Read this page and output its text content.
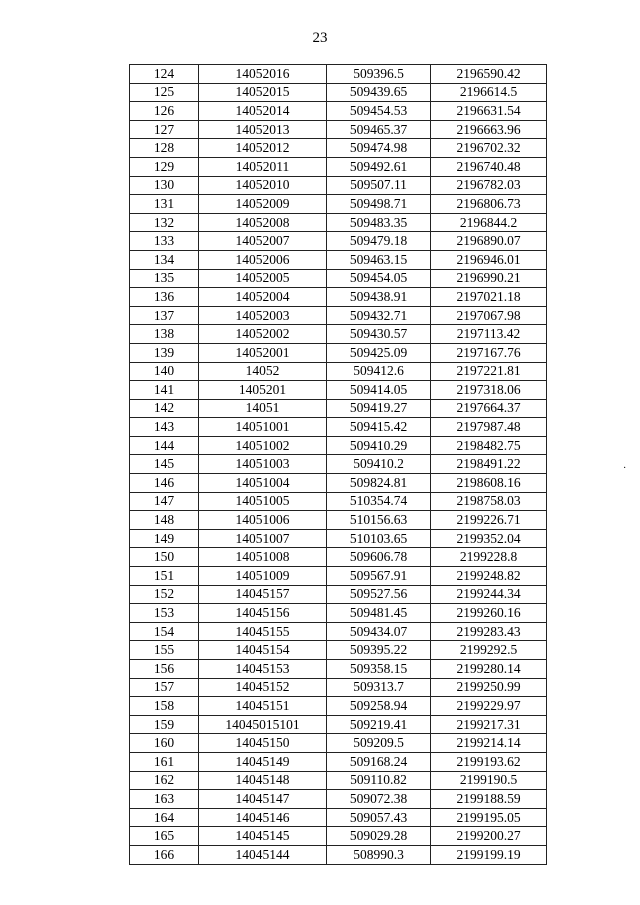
23
124	14052016	509396.5	2196590.42
125	14052015	509439.65	2196614.5
126	14052014	509454.53	2196631.54
127	14052013	509465.37	2196663.96
128	14052012	509474.98	2196702.32
129	14052011	509492.61	2196740.48
130	14052010	509507.11	2196782.03
131	14052009	509498.71	2196806.73
132	14052008	509483.35	2196844.2
133	14052007	509479.18	2196890.07
134	14052006	509463.15	2196946.01
135	14052005	509454.05	2196990.21
136	14052004	509438.91	2197021.18
137	14052003	509432.71	2197067.98
138	14052002	509430.57	2197113.42
139	14052001	509425.09	2197167.76
140	14052	509412.6	2197221.81
141	1405201	509414.05	2197318.06
142	14051	509419.27	2197664.37
143	14051001	509415.42	2197987.48
144	14051002	509410.29	2198482.75
145	14051003	509410.2	2198491.22
146	14051004	509824.81	2198608.16
147	14051005	510354.74	2198758.03
148	14051006	510156.63	2199226.71
149	14051007	510103.65	2199352.04
150	14051008	509606.78	2199228.8
151	14051009	509567.91	2199248.82
152	14045157	509527.56	2199244.34
153	14045156	509481.45	2199260.16
154	14045155	509434.07	2199283.43
155	14045154	509395.22	2199292.5
156	14045153	509358.15	2199280.14
157	14045152	509313.7	2199250.99
158	14045151	509258.94	2199229.97
159	14045015101	509219.41	2199217.31
160	14045150	509209.5	2199214.14
161	14045149	509168.24	2199193.62
162	14045148	509110.82	2199190.5
163	14045147	509072.38	2199188.59
164	14045146	509057.43	2199195.05
165	14045145	509029.28	2199200.27
166	14045144	508990.3	2199199.19
·
